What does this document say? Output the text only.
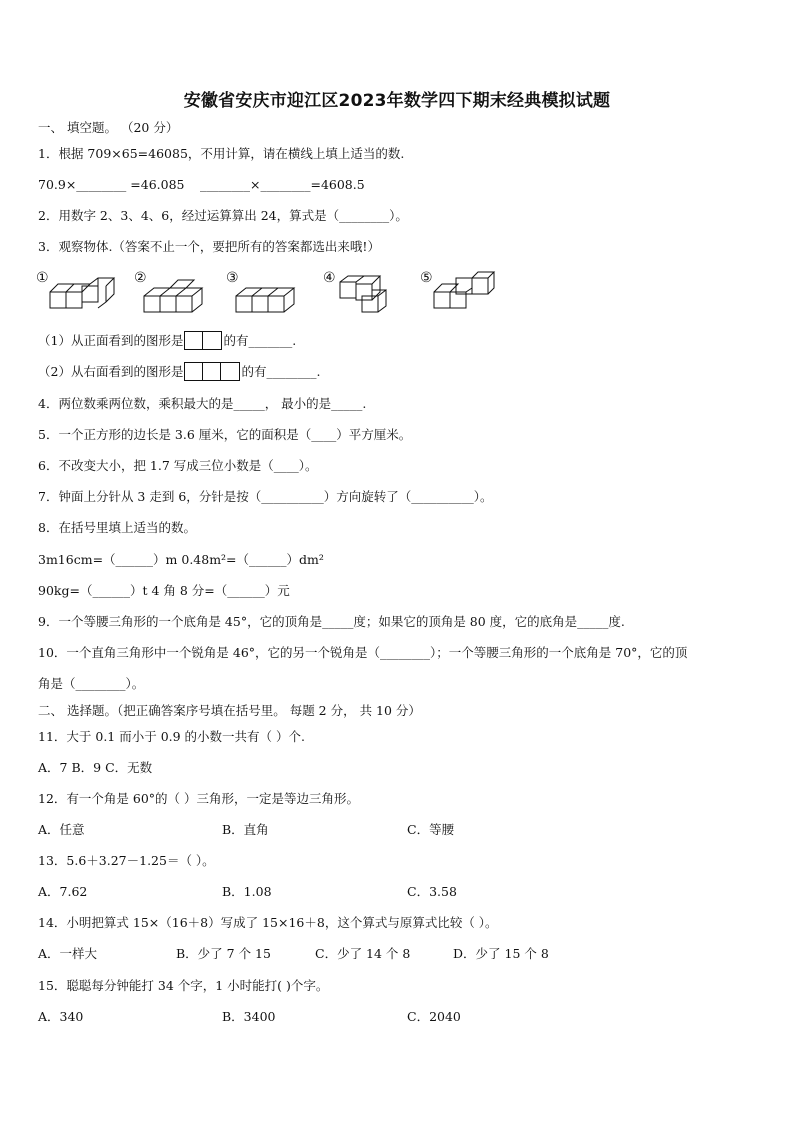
安徽省安庆市迎江区2023年数学四下期末经典模拟试题
一、 填空题。 （20 分）
1．根据 709×65=46085，不用计算，请在横线上填上适当的数.
70.9×________ =46.085 ________×________=4608.5
2．用数字 2、3、4、6，经过运算算出 24，算式是（________）。
3．观察物体.（答案不止一个，要把所有的答案都选出来哦!）
①	②	③	④	⑤
（1）从正面看到的图形是	的有_______.
（2）从右面看到的图形是	的有________.
4．两位数乘两位数，乘积最大的是_____， 最小的是_____.
5．一个正方形的边长是 3.6 厘米，它的面积是（____）平方厘米。
6．不改变大小，把 1.7 写成三位小数是（____）。
7．钟面上分针从 3 走到 6，分针是按（__________）方向旋转了（__________）。
8．在括号里填上适当的数。
3m16cm=（______）m 0.48m²=（______）dm²
90kg=（______）t 4 角 8 分=（______）元
9．一个等腰三角形的一个底角是 45°，它的顶角是_____度；如果它的顶角是 80 度，它的底角是_____度.
10．一个直角三角形中一个锐角是 46°，它的另一个锐角是（________）；一个等腰三角形的一个底角是 70°，它的顶
角是（________）。
二、 选择题。（把正确答案序号填在括号里。 每题 2 分， 共 10 分）
11．大于 0.1 而小于 0.9 的小数一共有（ ）个.
A．7 B．9 C．无数
12．有一个角是 60°的（ ）三角形，一定是等边三角形。
A．任意	B．直角	C．等腰
13．5.6＋3.27－1.25＝（ ）。
A．7.62	B．1.08	C．3.58
14．小明把算式 15×（16＋8）写成了 15×16＋8，这个算式与原算式比较（ ）。
A．一样大	B．少了 7 个 15	C．少了 14 个 8	D．少了 15 个 8
15．聪聪每分钟能打 34 个字，1 小时能打( )个字。
A．340	B．3400	C．2040
